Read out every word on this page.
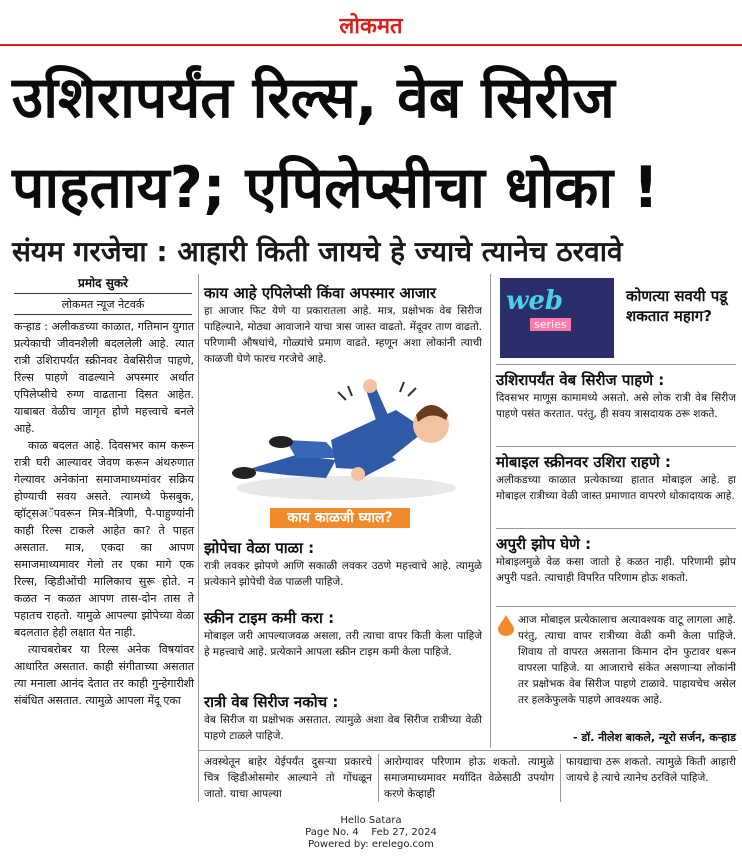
लोकमत
उशिरापर्यंत रिल्स, वेब सिरीज
पाहताय?; एपिलेप्सीचा धोका !
संयम गरजेचा : आहारी किती जायचे हे ज्याचे त्यानेच ठरवावे
प्रमोद सुकरे
लोकमत न्यूज नेटवर्क

कऱ्हाड : अलीकडच्या काळात, गतिमान युगात प्रत्येकाची जीवनशैली बदललेली आहे. त्यात रात्री उशिरापर्यंत स्क्रीनवर वेबसिरीज पाहणे, रिल्स पाहणे वाढल्याने अपस्मार अर्थात एपिलेप्सीचे रुग्ण वाढताना दिसत आहेत. याबाबत वेळीच जागृत होणे महत्त्वाचे बनले आहे.

काळ बदलत आहे. दिवसभर काम करून रात्री घरी आल्यावर जेवण करून अंथरुणात गेल्यावर अनेकांना समाजमाध्यमांवर सक्रिय होण्याची सवय असते. त्यामध्ये फेसबुक, व्हॉट्सअॅपवरून मित्र-मैत्रिणी, पै-पाहुण्यांनी काही रिल्स टाकले आहेत का? ते पाहत असतात. मात्र, एकदा का आपण समाजमाध्यमावर गेलो तर एका मागे एक रिल्स, व्हिडीओंची मालिकाच सुरू होते. न कळत न कळत आपण तास-दोन तास ते पहातच राहतो. यामुळे आपल्या झोपेच्या वेळा बदलतात हेही लक्षात येत नाही.

त्याचबरोबर या रिल्स अनेक विषयांवर आधारित असतात. काही संगीताच्या असतात त्या मनाला आनंद देतात तर काही गुन्हेगारीशी संबंधित असतात. त्यामुळे आपला मेंदू एका

काय आहे एपिलेप्सी किंवा अपस्मार आजार
हा आजार फिट येणे या प्रकारातला आहे. मात्र, प्रक्षोभक वेब सिरीज पाहिल्याने, मोठ्या आवाजाने याचा त्रास जास्त वाढतो. मेंदूवर ताण वाढतो. परिणामी औषधांचे, गोळ्यांचे प्रमाण वाढते. म्हणून अशा लोकांनी त्याची काळजी घेणे फारच गरजेचे आहे.
काय काळजी घ्याल?
झोपेचा वेळा पाळा :
रात्री लवकर झोपणे आणि सकाळी लवकर उठणे महत्त्वाचे आहे. त्यामुळे प्रत्येकाने झोपेची वेळ पाळली पाहिजे.
स्क्रीन टाइम कमी करा :
मोबाइल जरी आपल्याजवळ असला, तरी त्याचा वापर किती केला पाहिजे हे महत्त्वाचे आहे. प्रत्येकाने आपला स्क्रीन टाइम कमी केला पाहिजे.
रात्री वेब सिरीज नकोच :
वेब सिरीज या प्रक्षोभक असतात. त्यामुळे अशा वेब सिरीज रात्रीच्या वेळी पाहणे टाळले पाहिजे.
web
series
कोणत्या सवयी पडू शकतात महाग?
उशिरापर्यंत वेब सिरीज पाहणे :
दिवसभर माणूस कामामध्ये असतो. असे लोक रात्री वेब सिरीज पाहणे पसंत करतात. परंतु, ही सवय त्रासदायक ठरू शकते.
मोबाइल स्क्रीनवर उशिरा राहणे :
अलीकडच्या काळात प्रत्येकाच्या हातात मोबाइल आहे. हा मोबाइल रात्रीच्या वेळी जास्त प्रमाणात वापरणे धोकादायक आहे.
अपुरी झोप घेणे :
मोबाइलमुळे वेळ कसा जातो हे कळत नाही. परिणामी झोप अपुरी पडते. त्याचाही विपरित परिणाम होऊ शकतो.
आज मोबाइल प्रत्येकालाच अत्यावश्यक वाटू लागला आहे. परंतु, त्याचा वापर रात्रीच्या वेळी कमी केला पाहिजे. शिवाय तो वापरत असताना किमान दोन फुटावर धरून वापरला पाहिजे. या आजाराचे संकेत असणाऱ्या लोकांनी तर प्रक्षोभक वेब सिरीज पाहणे टाळावे. पाहायचेच असेल तर हलकेफुलके पाहणे आवश्यक आहे.
- डॉ. नीलेश बाकले, न्यूरो सर्जन, कऱ्हाड
अवस्थेतून बाहेर येईपर्यंत दुसऱ्या प्रकारचे चित्र व्हिडीओसमोर आल्याने तो गोंधळून जातो. याचा आपल्या
आरोग्यावर परिणाम होऊ शकतो. त्यामुळे समाजमाध्यमावर मर्यादित वेळेसाठी उपयोग करणे केव्हाही
फायद्याचा ठरू शकतो. त्यामुळे किती आहारी जायचे हे त्याचे त्यानेच ठरविले पाहिजे.
Hello Satara
Page No. 4 Feb 27, 2024
Powered by: erelego.com
